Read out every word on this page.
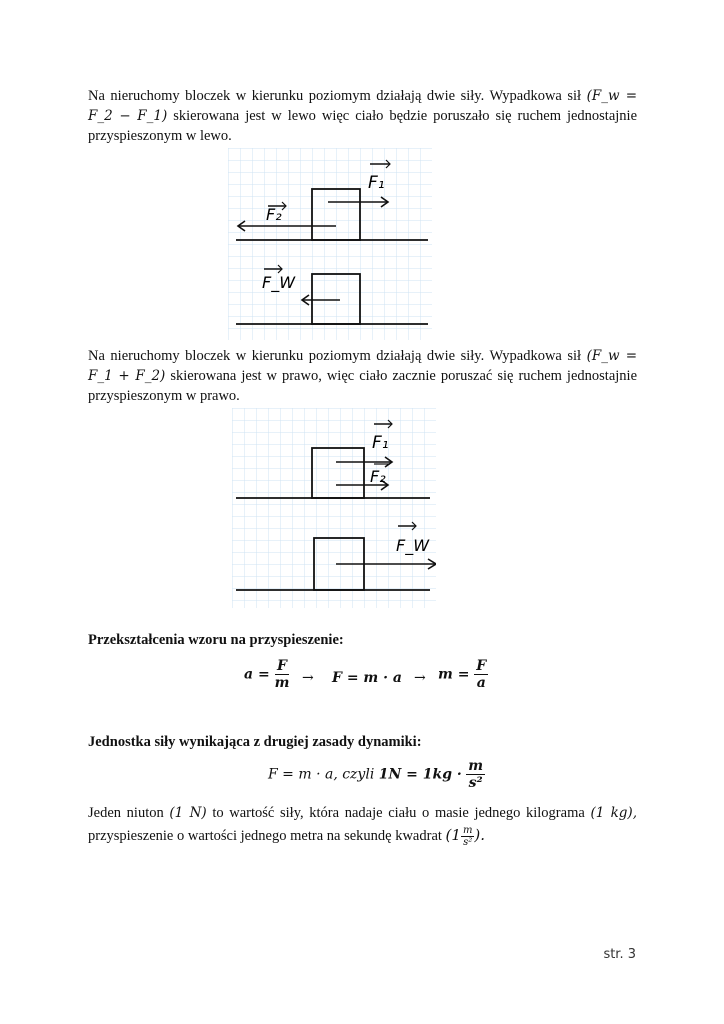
Na nieruchomy bloczek w kierunku poziomym działają dwie siły. Wypadkowa sił (F_w = F_2 − F_1) skierowana jest w lewo więc ciało będzie poruszało się ruchem jednostajnie przyspieszonym w lewo.
F₁
F₂
F_W
Na nieruchomy bloczek w kierunku poziomym działają dwie siły. Wypadkowa sił (F_w = F_1 + F_2) skierowana jest w prawo, więc ciało zacznie poruszać się ruchem jednostajnie przyspieszonym w prawo.
F₁
F₂
F_W
Przekształcenia wzoru na przyspieszenie:
$a = \frac{F}{m} \to F = m \cdot a \to m = \frac{F}{a}$
Jednostka siły wynikająca z drugiej zasady dynamiki:
F = m · a, czyli $1N = 1kg \cdot \frac{m}{\text{s²}}$
Jeden niuton (1 N) to wartość siły, która nadaje ciału o masie jednego kilograma (1 kg), przyspieszenie o wartości jednego metra na sekundę kwadrat ($1 \frac{m}{\text{s²}}$ ).
str. 3
